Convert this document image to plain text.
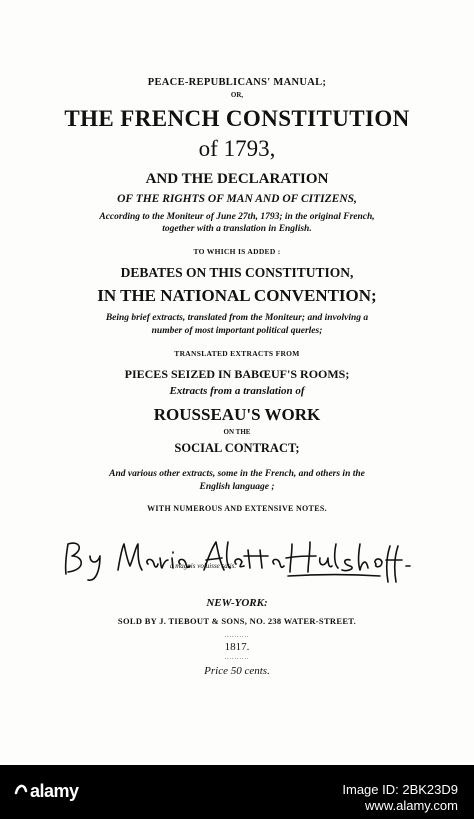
PEACE-REPUBLICANS' MANUAL;
OR,
THE FRENCH CONSTITUTION
of 1793,
AND THE DECLARATION
OF THE RIGHTS OF MAN AND OF CITIZENS,
According to the Moniteur of June 27th, 1793; in the original French,
together with a translation in English.
TO WHICH IS ADDED :
DEBATES ON THIS CONSTITUTION,
IN THE NATIONAL CONVENTION;
Being brief extracts, translated from the Moniteur; and involving a
number of most important political querles;
TRANSLATED EXTRACTS FROM
PIECES SEIZED IN BABŒUF'S ROOMS;
Extracts from a translation of
ROUSSEAU'S WORK
ON THE
SOCIAL CONTRACT;
And various other extracts, some in the French, and others in the
English language ;
WITH NUMEROUS AND EXTENSIVE NOTES.
a magnis voluisse satis.
NEW-YORK:
SOLD BY J. TIEBOUT & SONS, NO. 238 WATER-STREET.
..........
1817.
..........
Price 50 cents.
alamy	Image ID: 2BK23D9
www.alamy.com
